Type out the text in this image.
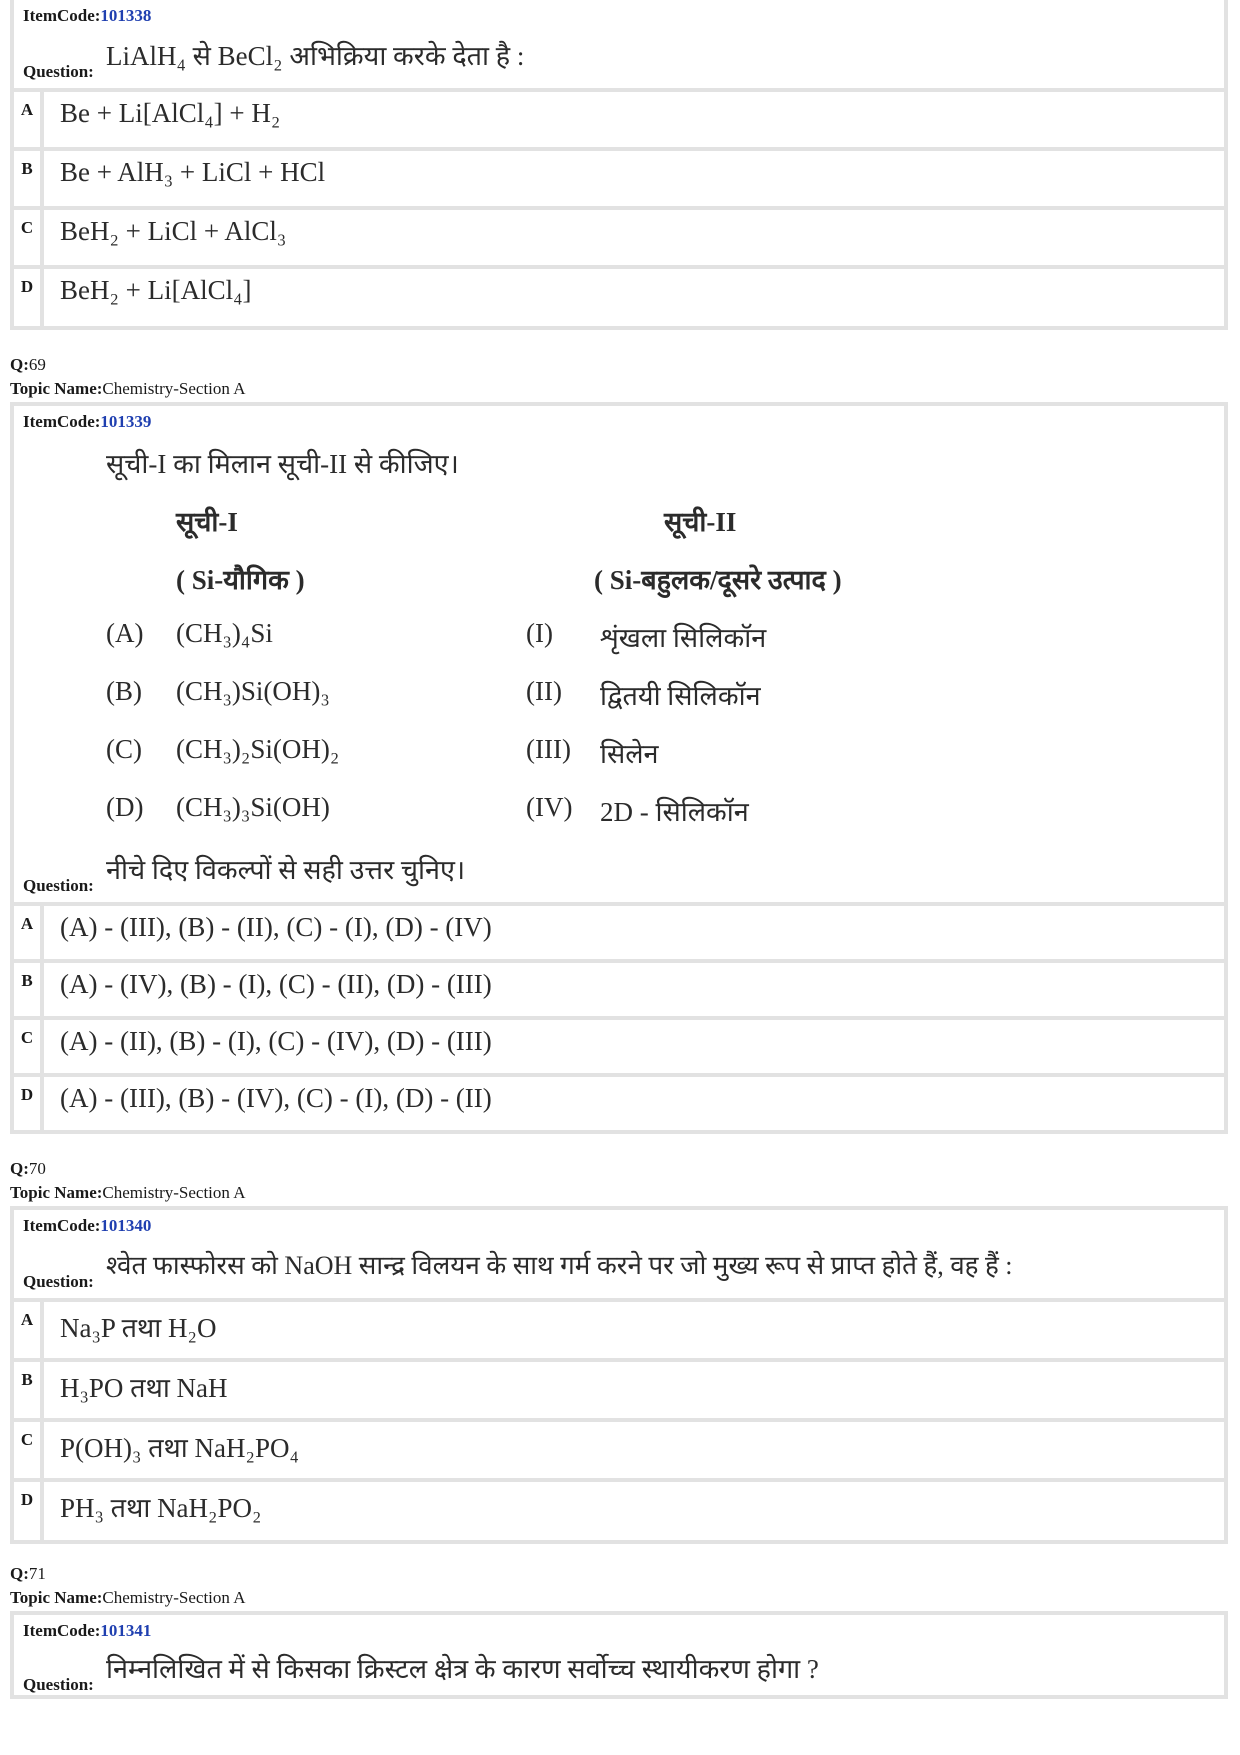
ItemCode:101338
Question:
LiAlH₄ से BeCl₂ अभिक्रिया करके देता है :
A Be + Li[AlCl₄] + H₂
B	Be + AlH₃ + LiCl + HCl
C BeH₂ + LiCl + AlCl₃
D BeH₂ + Li[AlCl₄]
Q:69
Topic Name:Chemistry-Section A
ItemCode:101339
सूची-I का मिलान सूची-II से कीजिए।
सूची-I	सूची-II
( Si-यौगिक )	( Si-बहुलक/दूसरे उत्पाद )
(A) (CH₃)₄Si	(I) शृंखला सिलिकॉन
(B) (CH₃)Si(OH)₃	(II) द्वितयी सिलिकॉन
(C) (CH₃)₂Si(OH)₂	(III) सिलेन
(D) (CH₃)₃Si(OH)	(IV) 2D - सिलिकॉन
Question:
नीचे दिए विकल्पों से सही उत्तर चुनिए।
A (A) - (III), (B) - (II), (C) - (I), (D) - (IV)
B	(A) - (IV), (B) - (I), (C) - (II), (D) - (III)
C (A) - (II), (B) - (I), (C) - (IV), (D) - (III)
D (A) - (III), (B) - (IV), (C) - (I), (D) - (II)
Q:70
Topic Name:Chemistry-Section A
ItemCode:101340
Question:
श्वेत फास्फोरस को NaOH सान्द्र विलयन के साथ गर्म करने पर जो मुख्य रूप से प्राप्त होते हैं, वह हैं :
A Na₃P तथा H₂O
B	H₃PO तथा NaH
C P(OH)₃ तथा NaH₂PO₄
D PH₃ तथा NaH₂PO₂
Q:71
Topic Name:Chemistry-Section A
ItemCode:101341
Question:
निम्नलिखित में से किसका क्रिस्टल क्षेत्र के कारण सर्वोच्च स्थायीकरण होगा ?
